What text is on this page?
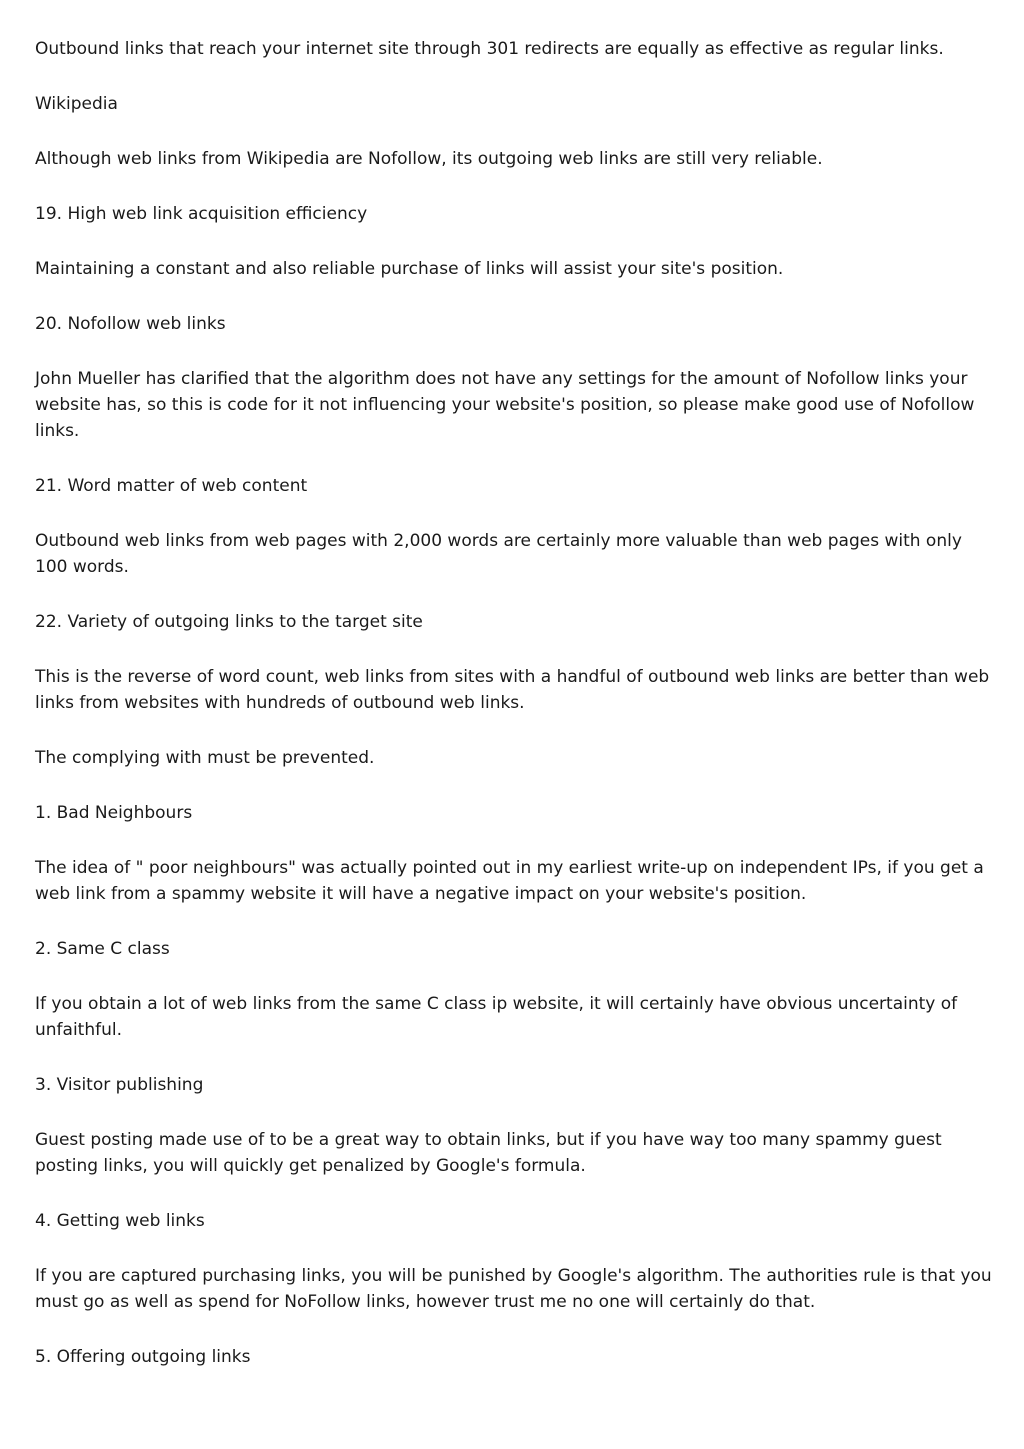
Outbound links that reach your internet site through 301 redirects are equally as effective as regular links.

Wikipedia

Although web links from Wikipedia are Nofollow, its outgoing web links are still very reliable.

19. High web link acquisition efficiency

Maintaining a constant and also reliable purchase of links will assist your site's position.

20. Nofollow web links

John Mueller has clarified that the algorithm does not have any settings for the amount of Nofollow links your website has, so this is code for it not influencing your website's position, so please make good use of Nofollow links.

21. Word matter of web content

Outbound web links from web pages with 2,000 words are certainly more valuable than web pages with only 100 words.

22. Variety of outgoing links to the target site

This is the reverse of word count, web links from sites with a handful of outbound web links are better than web links from websites with hundreds of outbound web links.

The complying with must be prevented.

1. Bad Neighbours

The idea of " poor neighbours" was actually pointed out in my earliest write-up on independent IPs, if you get a web link from a spammy website it will have a negative impact on your website's position.

2. Same C class

If you obtain a lot of web links from the same C class ip website, it will certainly have obvious uncertainty of unfaithful.

3. Visitor publishing

Guest posting made use of to be a great way to obtain links, but if you have way too many spammy guest posting links, you will quickly get penalized by Google's formula.

4. Getting web links

If you are captured purchasing links, you will be punished by Google's algorithm. The authorities rule is that you must go as well as spend for NoFollow links, however trust me no one will certainly do that.

5. Offering outgoing links
